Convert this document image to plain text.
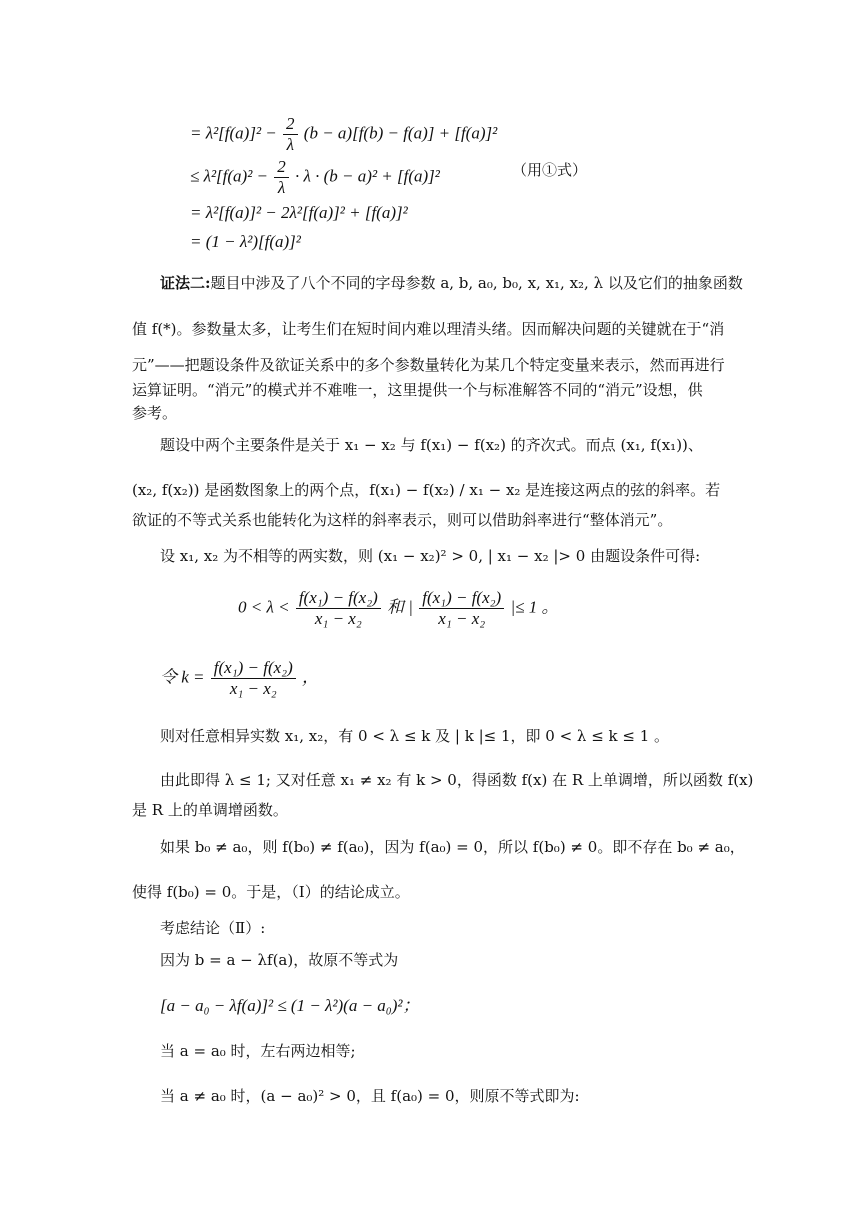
= $\lambda^2[f(a)]^2 - \frac{2}{\lambda} (b - a)[f(b) - f(a)] + [f(a)]^2$
≤ $\lambda^2[f(a)^2 - \frac{2}{\lambda} \cdot \lambda \cdot (b - a)^2 + [f(a)]^2$	（用①式）
= λ²[f(a)]² − 2λ²[f(a)]² + [f(a)]²
= (1 − λ²)[f(a)]²
证法二:题目中涉及了八个不同的字母参数 a, b, a₀, b₀, x, x₁, x₂, λ 以及它们的抽象函数
值 f(*)。参数量太多，让考生们在短时间内难以理清头绪。因而解决问题的关键就在于“消
元”——把题设条件及欲证关系中的多个参数量转化为某几个特定变量来表示，然而再进行
运算证明。“消元”的模式并不难唯一，这里提供一个与标准解答不同的“消元”设想，供
参考。
题设中两个主要条件是关于 x₁ − x₂ 与 f(x₁) − f(x₂) 的齐次式。而点 (x₁, f(x₁))、
(x₂, f(x₂)) 是函数图象上的两个点，f(x₁) − f(x₂) / x₁ − x₂ 是连接这两点的弦的斜率。若
欲证的不等式关系也能转化为这样的斜率表示，则可以借助斜率进行“整体消元”。
设 x₁, x₂ 为不相等的两实数，则 (x₁ − x₂)² > 0, | x₁ − x₂ |> 0 由题设条件可得:
$0 < \lambda < \frac{\text{f(x₁) − f(x₂)}}{\text{x₁ − x₂}}$ 和 | $\frac{\text{f(x₁) − f(x₂)}}{\text{x₁ − x₂}}$ |≤ 1 。
令 $k = \frac{\text{f(x₁) − f(x₂)}}{\text{x₁ − x₂}}$ ，
则对任意相异实数 x₁, x₂，有 0 < λ ≤ k 及 | k |≤ 1，即 0 < λ ≤ k ≤ 1 。
由此即得 λ ≤ 1; 又对任意 x₁ ≠ x₂ 有 k > 0，得函数 f(x) 在 R 上单调增，所以函数 f(x)
是 R 上的单调增函数。
如果 b₀ ≠ a₀，则 f(b₀) ≠ f(a₀)，因为 f(a₀) = 0，所以 f(b₀) ≠ 0。即不存在 b₀ ≠ a₀，
使得 f(b₀) = 0。于是，（Ⅰ）的结论成立。
考虑结论（Ⅱ）:
因为 b = a − λf(a)，故原不等式为
[a − a₀ − λf(a)]² ≤ (1 − λ²)(a − a₀)²；
当 a = a₀ 时，左右两边相等;
当 a ≠ a₀ 时，(a − a₀)² > 0，且 f(a₀) = 0，则原不等式即为:
